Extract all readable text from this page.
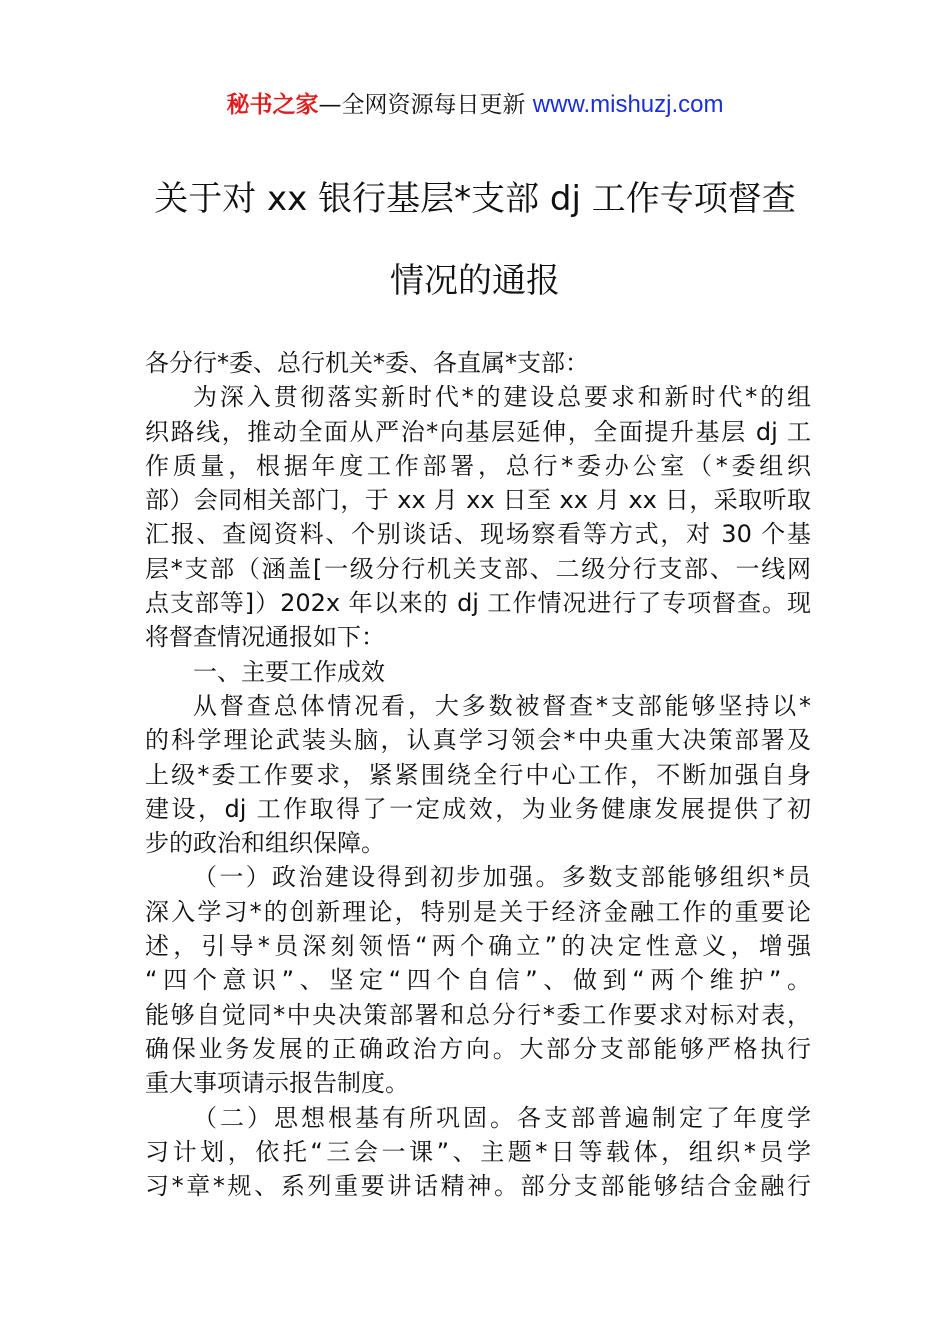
秘书之家—全网资源每日更新 www.mishuzj.com
关于对 xx 银行基层*支部 dj 工作专项督查
情况的通报
各分行*委、总行机关*委、各直属*支部：
为深入贯彻落实新时代*的建设总要求和新时代*的组
织路线，推动全面从严治*向基层延伸，全面提升基层 dj 工
作质量，根据年度工作部署，总行*委办公室（*委组织
部）会同相关部门，于 xx 月 xx 日至 xx 月 xx 日，采取听取
汇报、查阅资料、个别谈话、现场察看等方式，对 30 个基
层*支部（涵盖[一级分行机关支部、二级分行支部、一线网
点支部等]）202x 年以来的 dj 工作情况进行了专项督查。现
将督查情况通报如下：
一、主要工作成效
从督查总体情况看，大多数被督查*支部能够坚持以*
的科学理论武装头脑，认真学习领会*中央重大决策部署及
上级*委工作要求，紧紧围绕全行中心工作，不断加强自身
建设，dj 工作取得了一定成效，为业务健康发展提供了初
步的政治和组织保障。
（一）政治建设得到初步加强。多数支部能够组织*员
深入学习*的创新理论，特别是关于经济金融工作的重要论
述，引导*员深刻领悟“两个确立”的决定性意义，增强
“四个意识”、坚定“四个自信”、做到“两个维护”。
能够自觉同*中央决策部署和总分行*委工作要求对标对表，
确保业务发展的正确政治方向。大部分支部能够严格执行
重大事项请示报告制度。
（二）思想根基有所巩固。各支部普遍制定了年度学
习计划，依托“三会一课”、主题*日等载体，组织*员学
习*章*规、系列重要讲话精神。部分支部能够结合金融行
